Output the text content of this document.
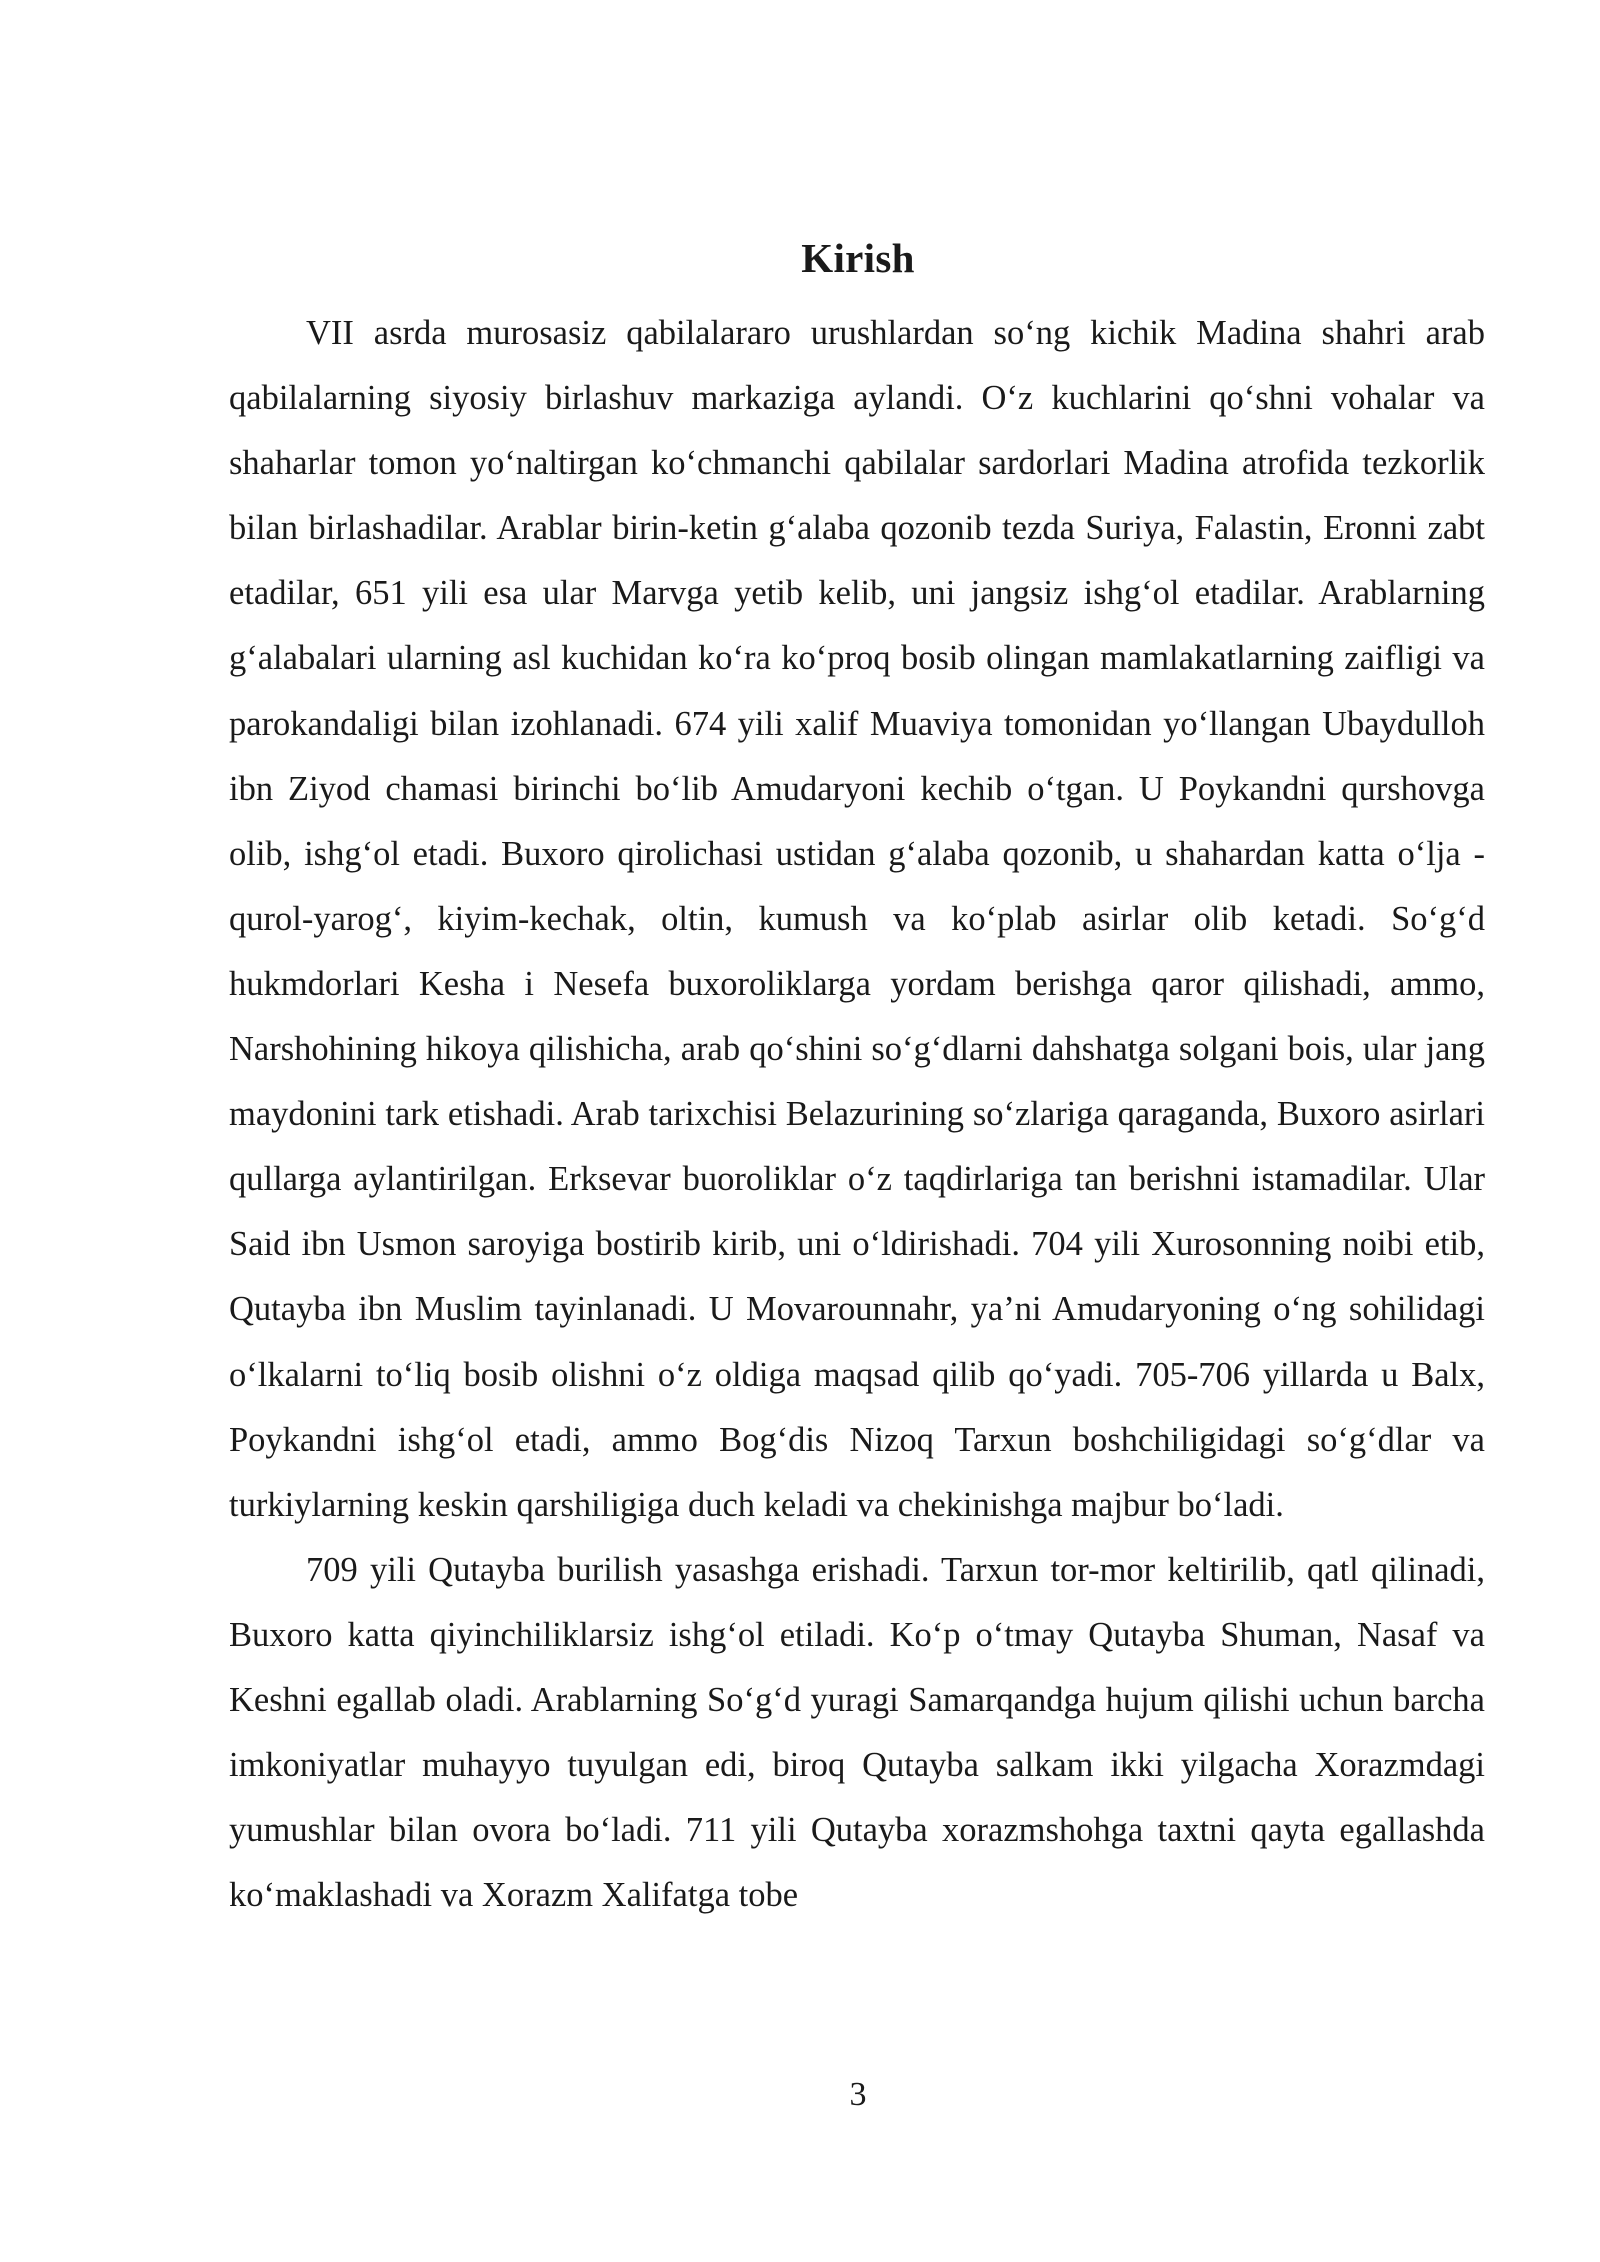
Kirish

VII asrda murosasiz qabilalararo urushlardan so‘ng kichik Madina shahri arab qabilalarning siyosiy birlashuv markaziga aylandi. O‘z kuchlarini qo‘shni vohalar va shaharlar tomon yo‘naltirgan ko‘chmanchi qabilalar sardorlari Madina atrofida tezkorlik bilan birlashadilar. Arablar birin-ketin g‘alaba qozonib tezda Suriya, Falastin, Eronni zabt etadilar, 651 yili esa ular Marvga yetib kelib, uni jangsiz ishg‘ol etadilar. Arablarning g‘alabalari ularning asl kuchidan ko‘ra ko‘proq bosib olingan mamlakatlarning zaifligi va parokandaligi bilan izohlanadi. 674 yili xalif Muaviya tomonidan yo‘llangan Ubaydulloh ibn Ziyod chamasi birinchi bo‘lib Amudaryoni kechib o‘tgan. U Poykandni qurshovga olib, ishg‘ol etadi. Buxoro qirolichasi ustidan g‘alaba qozonib, u shahardan katta o‘lja -qurol-yarog‘, kiyim-kechak, oltin, kumush va ko‘plab asirlar olib ketadi. So‘g‘d hukmdorlari Kesha i Nesefa buxoroliklarga yordam berishga qaror qilishadi, ammo, Narshohining hikoya qilishicha, arab qo‘shini so‘g‘dlarni dahshatga solgani bois, ular jang maydonini tark etishadi. Arab tarixchisi Belazurining so‘zlariga qaraganda, Buxoro asirlari qullarga aylantirilgan. Erksevar buoroliklar o‘z taqdirlariga tan berishni istamadilar. Ular Said ibn Usmon saroyiga bostirib kirib, uni o‘ldirishadi. 704 yili Xurosonning noibi etib, Qutayba ibn Muslim tayinlanadi. U Movarounnahr, ya’ni Amudaryoning o‘ng sohilidagi o‘lkalarni to‘liq bosib olishni o‘z oldiga maqsad qilib qo‘yadi. 705-706 yillarda u Balx, Poykandni ishg‘ol etadi, ammo Bog‘dis Nizoq Tarxun boshchiligidagi so‘g‘dlar va turkiylarning keskin qarshiligiga duch keladi va chekinishga majbur bo‘ladi.

709 yili Qutayba burilish yasashga erishadi. Tarxun tor-mor keltirilib, qatl qilinadi, Buxoro katta qiyinchiliklarsiz ishg‘ol etiladi. Ko‘p o‘tmay Qutayba Shuman, Nasaf va Keshni egallab oladi. Arablarning So‘g‘d yuragi Samarqandga hujum qilishi uchun barcha imkoniyatlar muhayyo tuyulgan edi, biroq Qutayba salkam ikki yilgacha Xorazmdagi yumushlar bilan ovora bo‘ladi. 711 yili Qutayba xorazmshohga taxtni qayta egallashda ko‘maklashadi va Xorazm Xalifatga tobe

3
